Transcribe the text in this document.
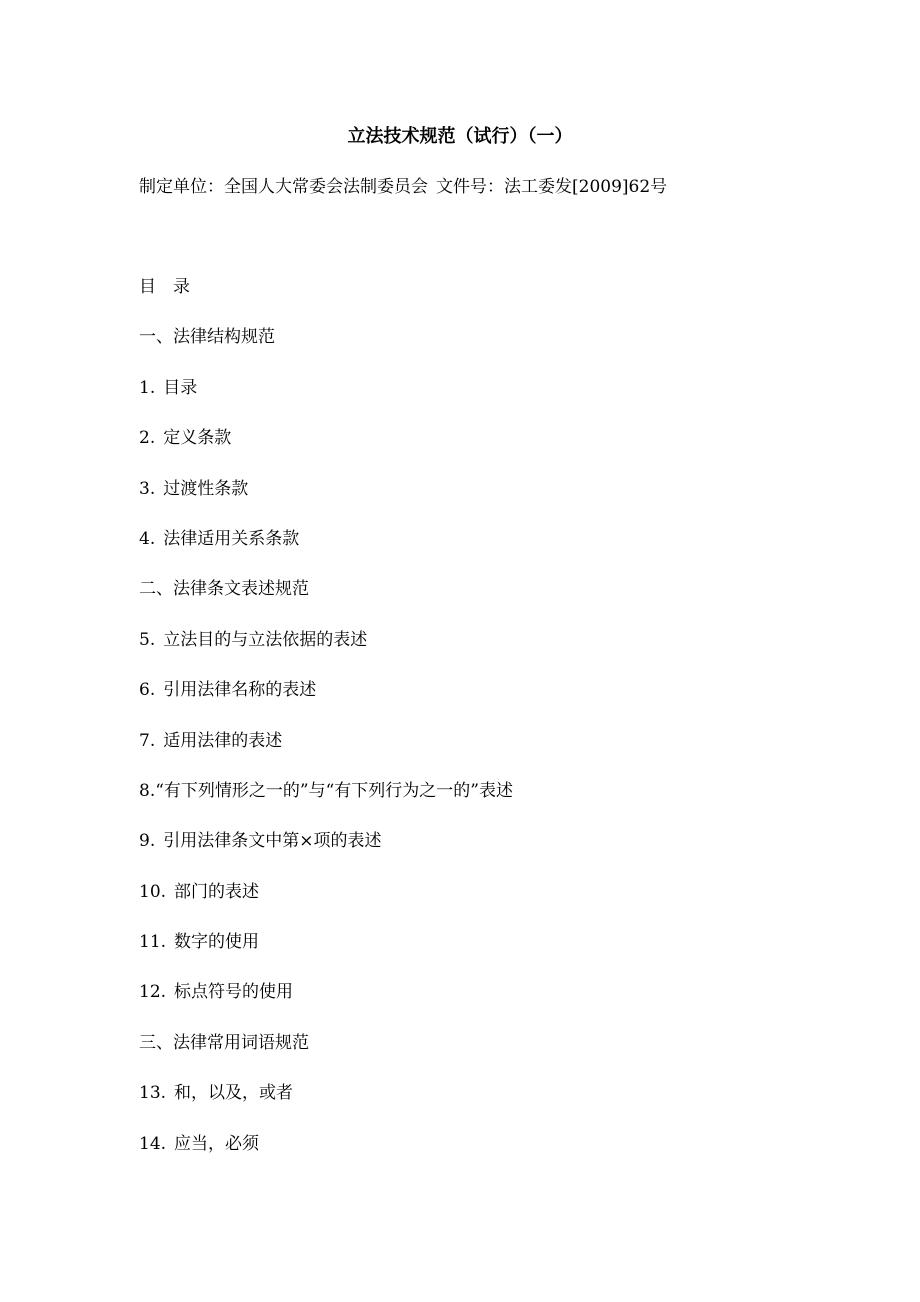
立法技术规范（试行）（一）
制定单位：全国人大常委会法制委员会 文件号：法工委发[2009]62号
目　录
一、法律结构规范
1. 目录
2. 定义条款
3. 过渡性条款
4. 法律适用关系条款
二、法律条文表述规范
5. 立法目的与立法依据的表述
6. 引用法律名称的表述
7. 适用法律的表述
8.“有下列情形之一的”与“有下列行为之一的”表述
9. 引用法律条文中第×项的表述
10. 部门的表述
11. 数字的使用
12. 标点符号的使用
三、法律常用词语规范
13. 和，以及，或者
14. 应当，必须
